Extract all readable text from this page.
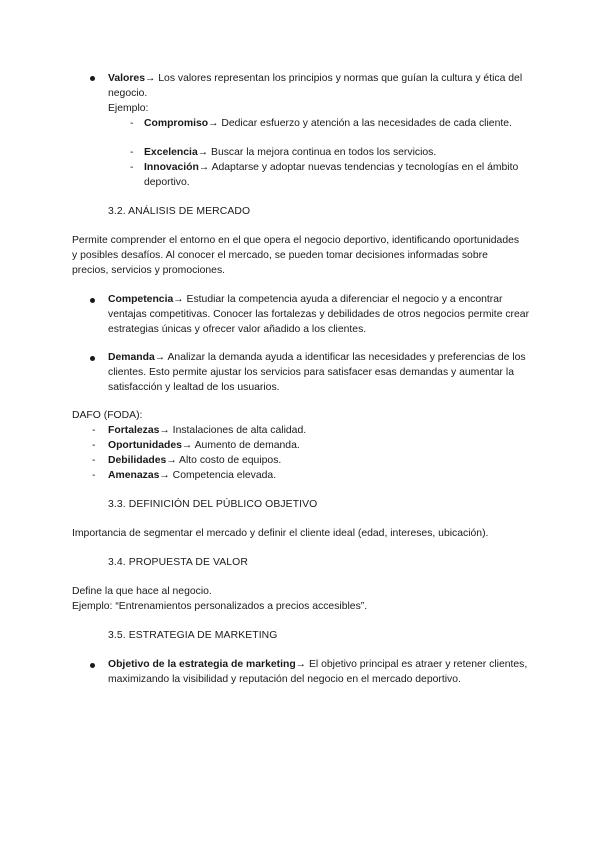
Valores→ Los valores representan los principios y normas que guían la cultura y ética del negocio.
Ejemplo:
- Compromiso→ Dedicar esfuerzo y atención a las necesidades de cada cliente.
- Excelencia→ Buscar la mejora continua en todos los servicios.
- Innovación→ Adaptarse y adoptar nuevas tendencias y tecnologías en el ámbito deportivo.
3.2. ANÁLISIS DE MERCADO
Permite comprender el entorno en el que opera el negocio deportivo, identificando oportunidades y posibles desafíos. Al conocer el mercado, se pueden tomar decisiones informadas sobre precios, servicios y promociones.
Competencia→ Estudiar la competencia ayuda a diferenciar el negocio y a encontrar ventajas competitivas. Conocer las fortalezas y debilidades de otros negocios permite crear estrategias únicas y ofrecer valor añadido a los clientes.
Demanda→ Analizar la demanda ayuda a identificar las necesidades y preferencias de los clientes. Esto permite ajustar los servicios para satisfacer esas demandas y aumentar la satisfacción y lealtad de los usuarios.
DAFO (FODA):
- Fortalezas→ Instalaciones de alta calidad.
- Oportunidades→ Aumento de demanda.
- Debilidades→ Alto costo de equipos.
- Amenazas→ Competencia elevada.
3.3. DEFINICIÓN DEL PÚBLICO OBJETIVO
Importancia de segmentar el mercado y definir el cliente ideal (edad, intereses, ubicación).
3.4. PROPUESTA DE VALOR
Define la que hace al negocio.
Ejemplo: “Entrenamientos personalizados a precios accesibles”.
3.5. ESTRATEGIA DE MARKETING
Objetivo de la estrategia de marketing→ El objetivo principal es atraer y retener clientes, maximizando la visibilidad y reputación del negocio en el mercado deportivo.
